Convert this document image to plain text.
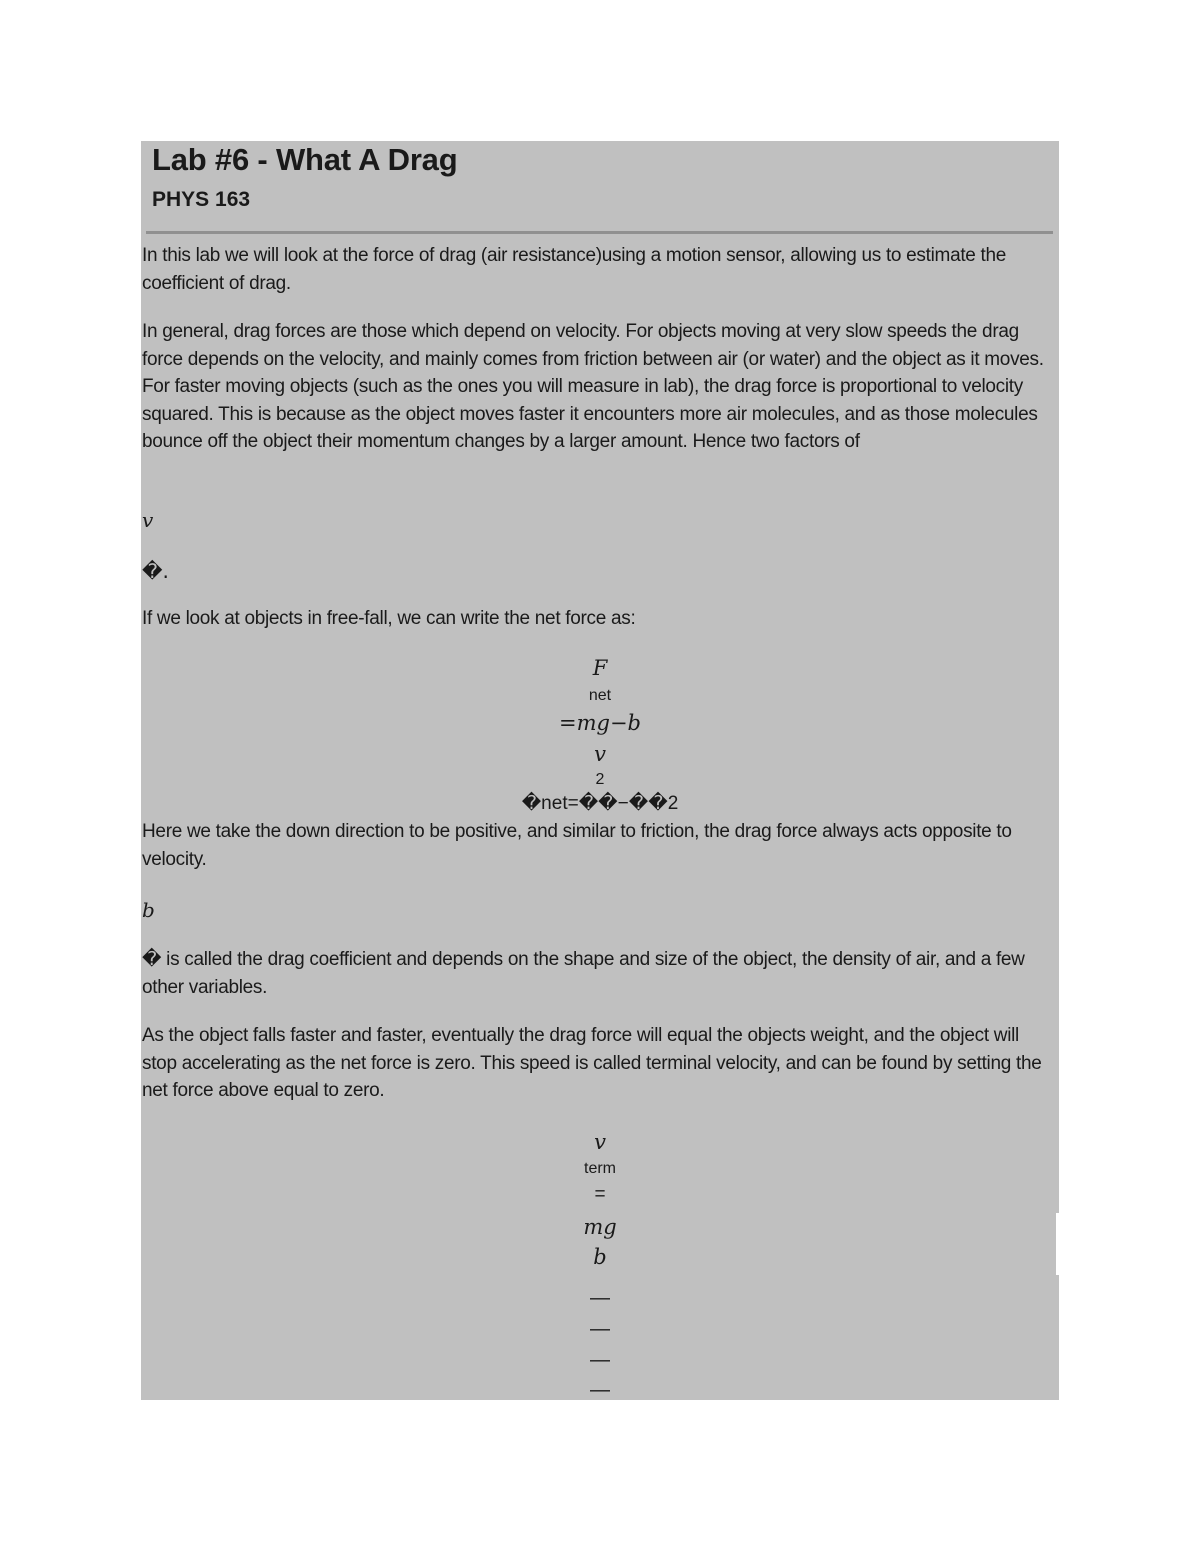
Lab #6 - What A Drag
PHYS 163

In this lab we will look at the force of drag (air resistance)using a motion sensor, allowing us to estimate the coefficient of drag.

In general, drag forces are those which depend on velocity. For objects moving at very slow speeds the drag force depends on the velocity, and mainly comes from friction between air (or water) and the object as it moves. For faster moving objects (such as the ones you will measure in lab), the drag force is proportional to velocity squared. This is because as the object moves faster it encounters more air molecules, and as those molecules bounce off the object their momentum changes by a larger amount. Hence two factors of

v
�.

If we look at objects in free-fall, we can write the net force as:

F

net

=mg−b

v

2

�net=��−��2

Here we take the down direction to be positive, and similar to friction, the drag force always acts opposite to velocity.

b

� is called the drag coefficient and depends on the shape and size of the object, the density of air, and a few other variables.

As the object falls faster and faster, eventually the drag force will equal the objects weight, and the object will stop accelerating as the net force is zero. This speed is called terminal velocity, and can be found by setting the net force above equal to zero.

v

term

=

mg

b

—

—

—

—
